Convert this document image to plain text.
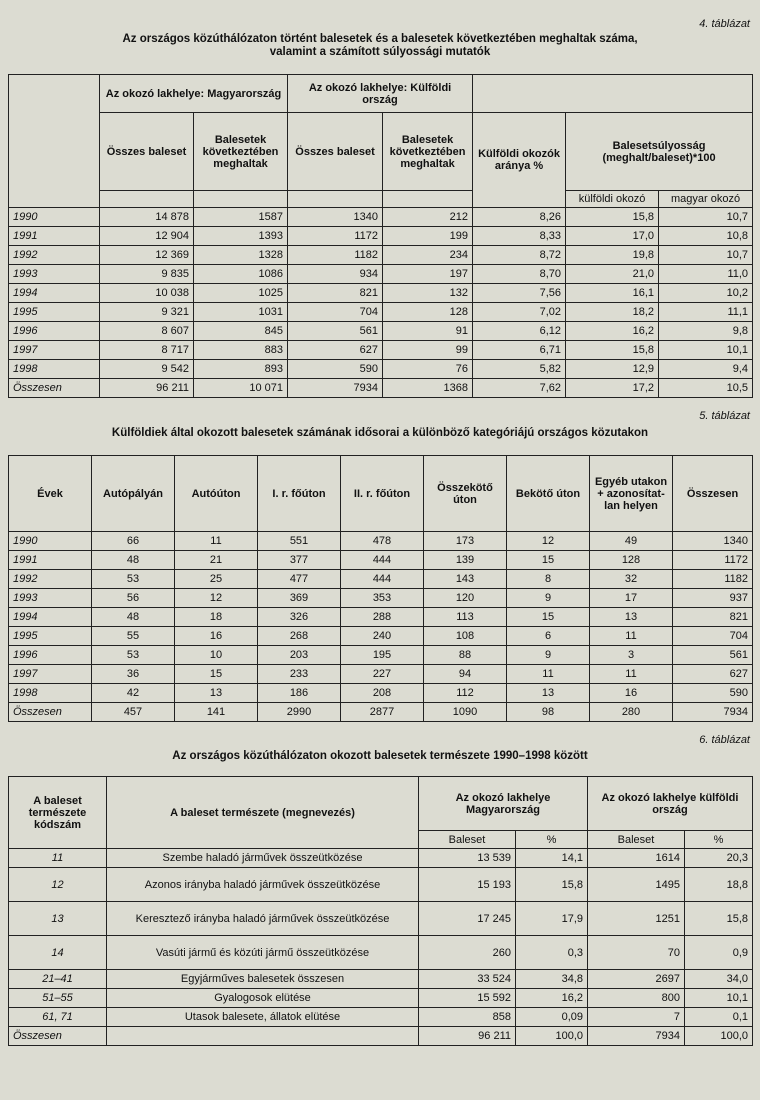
4. táblázat
Az országos közúthálózaton történt balesetek és a balesetek következtében meghaltak száma,
valamint a számított súlyossági mutatók
	Az okozó lakhelye: Magyarország		Az okozó lakhelye: Külföldi ország				
	Összes baleset	Balesetek következtében meghaltak	Összes baleset	Balesetek következtében meghaltak	Külföldi okozók aránya %	Balesetsúlyosság (meghalt/baleset)*100	
						külföldi okozó	magyar okozó
1990	14 878	1587	1340	212	8,26	15,8	10,7
1991	12 904	1393	1172	199	8,33	17,0	10,8
1992	12 369	1328	1182	234	8,72	19,8	10,7
1993	9 835	1086	934	197	8,70	21,0	11,0
1994	10 038	1025	821	132	7,56	16,1	10,2
1995	9 321	1031	704	128	7,02	18,2	11,1
1996	8 607	845	561	91	6,12	16,2	9,8
1997	8 717	883	627	99	6,71	15,8	10,1
1998	9 542	893	590	76	5,82	12,9	9,4
Összesen	96 211	10 071	7934	1368	7,62	17,2	10,5
5. táblázat
Külföldiek által okozott balesetek számának idősorai a különböző kategóriájú országos közutakon
Évek	Autópályán	Autóúton	I. r. főúton	II. r. főúton	Összekötő úton	Bekötő úton	Egyéb utakon + azonosítat-lan helyen	Összesen
1990	66	11	551	478	173	12	49	1340
1991	48	21	377	444	139	15	128	1172
1992	53	25	477	444	143	8	32	1182
1993	56	12	369	353	120	9	17	937
1994	48	18	326	288	113	15	13	821
1995	55	16	268	240	108	6	11	704
1996	53	10	203	195	88	9	3	561
1997	36	15	233	227	94	11	11	627
1998	42	13	186	208	112	13	16	590
Összesen	457	141	2990	2877	1090	98	280	7934
6. táblázat
Az országos közúthálózaton okozott balesetek természete 1990–1998 között
A baleset természete kódszám	A baleset természete (megnevezés)	Az okozó lakhelye Magyarország		Az okozó lakhelye külföldi ország	
		Baleset	%	Baleset	%
11	Szembe haladó járművek összeütközése	13 539	14,1	1614	20,3
12	Azonos irányba haladó járművek összeütközése	15 193	15,8	1495	18,8
13	Keresztező irányba haladó járművek összeütközése	17 245	17,9	1251	15,8
14	Vasúti jármű és közúti jármű összeütközése	260	0,3	70	0,9
21–41	Egyjárműves balesetek összesen	33 524	34,8	2697	34,0
51–55	Gyalogosok elütése	15 592	16,2	800	10,1
61, 71	Utasok balesete, állatok elütése	858	0,09	7	0,1
Összesen		96 211	100,0	7934	100,0
